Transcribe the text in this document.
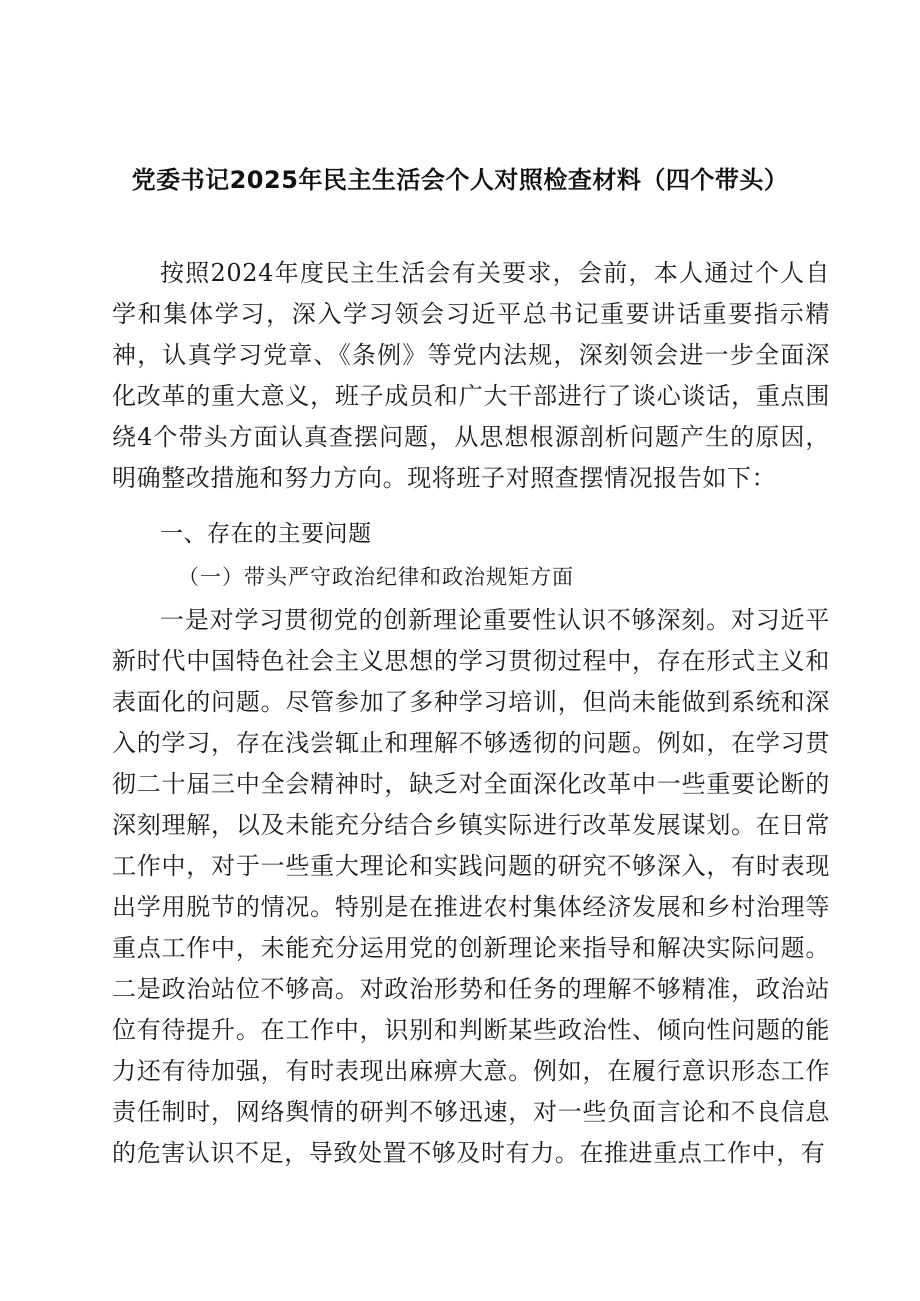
党委书记2025年民主生活会个人对照检查材料（四个带头）

按照2024年度民主生活会有关要求，会前，本人通过个人自学和集体学习，深入学习领会习近平总书记重要讲话重要指示精神，认真学习党章、《条例》等党内法规，深刻领会进一步全面深化改革的重大意义，班子成员和广大干部进行了谈心谈话，重点围绕4个带头方面认真查摆问题，从思想根源剖析问题产生的原因，明确整改措施和努力方向。现将班子对照查摆情况报告如下：

一、存在的主要问题
（一）带头严守政治纪律和政治规矩方面

一是对学习贯彻党的创新理论重要性认识不够深刻。对习近平新时代中国特色社会主义思想的学习贯彻过程中，存在形式主义和表面化的问题。尽管参加了多种学习培训，但尚未能做到系统和深入的学习，存在浅尝辄止和理解不够透彻的问题。例如，在学习贯彻二十届三中全会精神时，缺乏对全面深化改革中一些重要论断的深刻理解，以及未能充分结合乡镇实际进行改革发展谋划。在日常工作中，对于一些重大理论和实践问题的研究不够深入，有时表现出学用脱节的情况。特别是在推进农村集体经济发展和乡村治理等重点工作中，未能充分运用党的创新理论来指导和解决实际问题。二是政治站位不够高。对政治形势和任务的理解不够精准，政治站位有待提升。在工作中，识别和判断某些政治性、倾向性问题的能力还有待加强，有时表现出麻痹大意。例如，在履行意识形态工作责任制时，网络舆情的研判不够迅速，对一些负面言论和不良信息的危害认识不足，导致处置不够及时有力。在推进重点工作中，有
